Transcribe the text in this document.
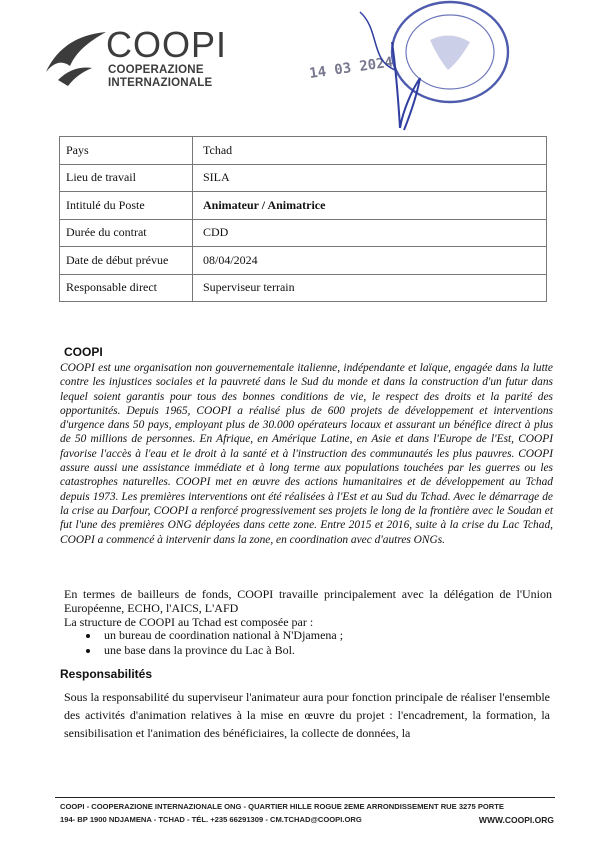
COOPI
COOPERAZIONE
INTERNAZIONALE
14 03 2024
Pays	Tchad
Lieu de travail	SILA
Intitulé du Poste	Animateur / Animatrice
Durée du contrat	CDD
Date de début prévue	08/04/2024
Responsable direct	Superviseur terrain
COOPI
COOPI est une organisation non gouvernementale italienne, indépendante et laïque, engagée dans la lutte contre les injustices sociales et la pauvreté dans le Sud du monde et dans la construction d'un futur dans lequel soient garantis pour tous des bonnes conditions de vie, le respect des droits et la parité des opportunités. Depuis 1965, COOPI a réalisé plus de 600 projets de développement et interventions d'urgence dans 50 pays, employant plus de 30.000 opérateurs locaux et assurant un bénéfice direct à plus de 50 millions de personnes. En Afrique, en Amérique Latine, en Asie et dans l'Europe de l'Est, COOPI favorise l'accès à l'eau et le droit à la santé et à l'instruction des communautés les plus pauvres. COOPI assure aussi une assistance immédiate et à long terme aux populations touchées par les guerres ou les catastrophes naturelles. COOPI met en œuvre des actions humanitaires et de développement au Tchad depuis 1973. Les premières interventions ont été réalisées à l'Est et au Sud du Tchad. Avec le démarrage de la crise au Darfour, COOPI a renforcé progressivement ses projets le long de la frontière avec le Soudan et fut l'une des premières ONG déployées dans cette zone. Entre 2015 et 2016, suite à la crise du Lac Tchad, COOPI a commencé à intervenir dans la zone, en coordination avec d'autres ONGs.
En termes de bailleurs de fonds, COOPI travaille principalement avec la délégation de l'Union Européenne, ECHO, l'AICS, L'AFD
La structure de COOPI au Tchad est composée par :
• un bureau de coordination national à N'Djamena ;
• une base dans la province du Lac à Bol.
Responsabilités
Sous la responsabilité du superviseur l'animateur aura pour fonction principale de réaliser l'ensemble des activités d'animation relatives à la mise en œuvre du projet : l'encadrement, la formation, la sensibilisation et l'animation des bénéficiaires, la collecte de données, la
COOPI - COOPERAZIONE INTERNAZIONALE ONG - QUARTIER HILLE ROGUE 2EME ARRONDISSEMENT RUE 3275 PORTE
194- BP 1900 NDJAMENA - TCHAD - TÉL. +235 66291309 - CM.TCHAD@COOPI.ORG	WWW.COOPI.ORG
